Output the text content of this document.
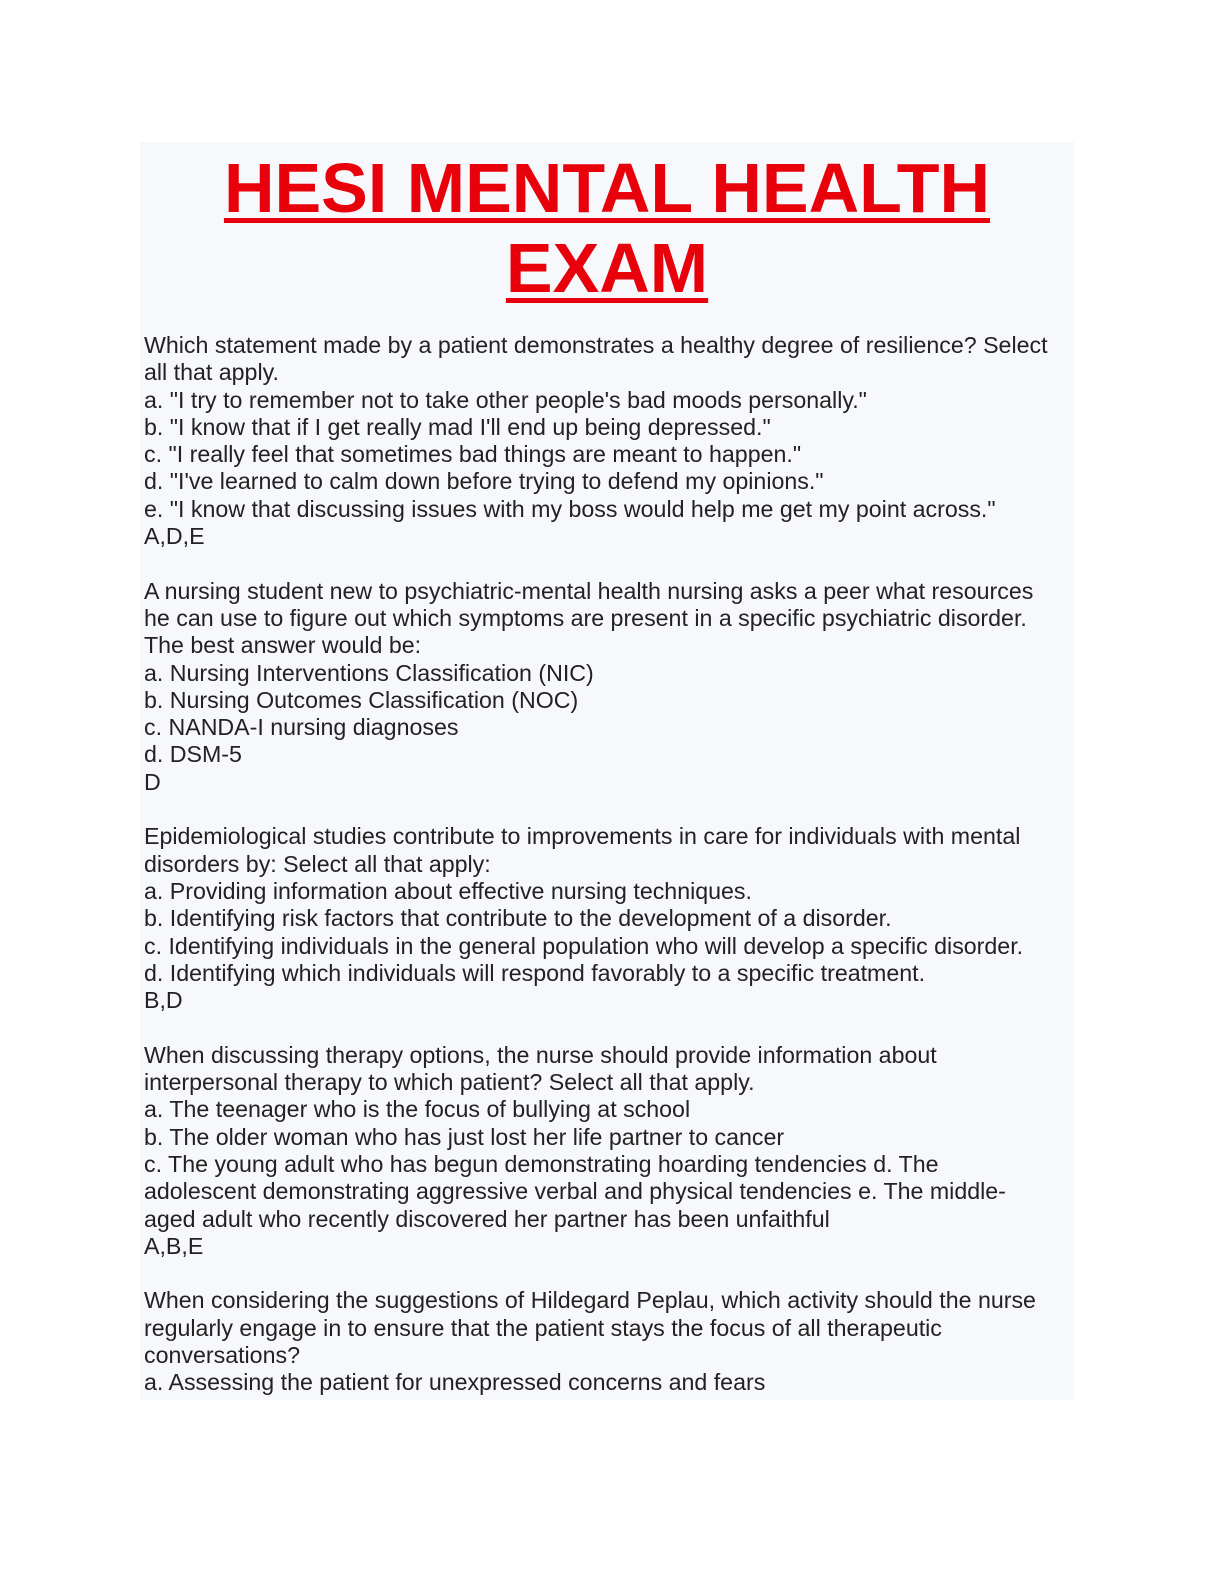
HESI MENTAL HEALTH
EXAM

Which statement made by a patient demonstrates a healthy degree of resilience? Select
all that apply.

a. "I try to remember not to take other people's bad moods personally."
b. "I know that if I get really mad I'll end up being depressed."
c. "I really feel that sometimes bad things are meant to happen."
d. "I've learned to calm down before trying to defend my opinions."
e. "I know that discussing issues with my boss would help me get my point across."
A,D,E

A nursing student new to psychiatric-mental health nursing asks a peer what resources
he can use to figure out which symptoms are present in a specific psychiatric disorder.
The best answer would be:

a. Nursing Interventions Classification (NIC)
b. Nursing Outcomes Classification (NOC)
c. NANDA-I nursing diagnoses
d. DSM-5
D

Epidemiological studies contribute to improvements in care for individuals with mental
disorders by: Select all that apply:

a. Providing information about effective nursing techniques.
b. Identifying risk factors that contribute to the development of a disorder.
c. Identifying individuals in the general population who will develop a specific disorder.
d. Identifying which individuals will respond favorably to a specific treatment.
B,D

When discussing therapy options, the nurse should provide information about
interpersonal therapy to which patient? Select all that apply.

a. The teenager who is the focus of bullying at school
b. The older woman who has just lost her life partner to cancer
c. The young adult who has begun demonstrating hoarding tendencies d. The
adolescent demonstrating aggressive verbal and physical tendencies e. The middle-
aged adult who recently discovered her partner has been unfaithful
A,B,E

When considering the suggestions of Hildegard Peplau, which activity should the nurse
regularly engage in to ensure that the patient stays the focus of all therapeutic
conversations?

a. Assessing the patient for unexpressed concerns and fears
